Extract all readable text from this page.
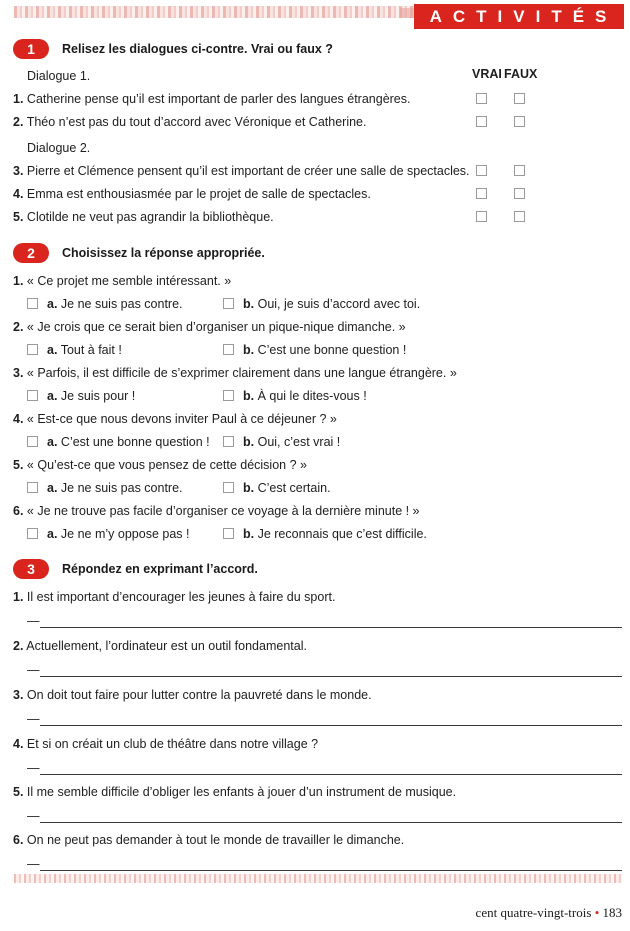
ACTIVITÉS
1	Relisez les dialogues ci-contre. Vrai ou faux ?
VRAI FAUX
Dialogue 1.
1. Catherine pense qu’il est important de parler des langues étrangères.
2. Théo n’est pas du tout d’accord avec Véronique et Catherine.
Dialogue 2.
3. Pierre et Clémence pensent qu’il est important de créer une salle de spectacles.
4. Emma est enthousiasmée par le projet de salle de spectacles.
5. Clotilde ne veut pas agrandir la bibliothèque.
2	Choisissez la réponse appropriée.
1. « Ce projet me semble intéressant. »
a. Je ne suis pas contre.	b. Oui, je suis d’accord avec toi.
2. « Je crois que ce serait bien d’organiser un pique-nique dimanche. »
a. Tout à fait !	b. C’est une bonne question !
3. « Parfois, il est difficile de s’exprimer clairement dans une langue étrangère. »
a. Je suis pour !	b. À qui le dites-vous !
4. « Est-ce que nous devons inviter Paul à ce déjeuner ? »
a. C’est une bonne question !	b. Oui, c’est vrai !
5. « Qu’est-ce que vous pensez de cette décision ? »
a. Je ne suis pas contre.	b. C’est certain.
6. « Je ne trouve pas facile d’organiser ce voyage à la dernière minute ! »
a. Je ne m’y oppose pas !	b. Je reconnais que c’est difficile.
3	Répondez en exprimant l’accord.
1. Il est important d’encourager les jeunes à faire du sport.
—
2. Actuellement, l’ordinateur est un outil fondamental.
—
3. On doit tout faire pour lutter contre la pauvreté dans le monde.
—
4. Et si on créait un club de théâtre dans notre village ?
—
5. Il me semble difficile d’obliger les enfants à jouer d’un instrument de musique.
—
6. On ne peut pas demander à tout le monde de travailler le dimanche.
—
cent quatre-vingt-trois • 183
